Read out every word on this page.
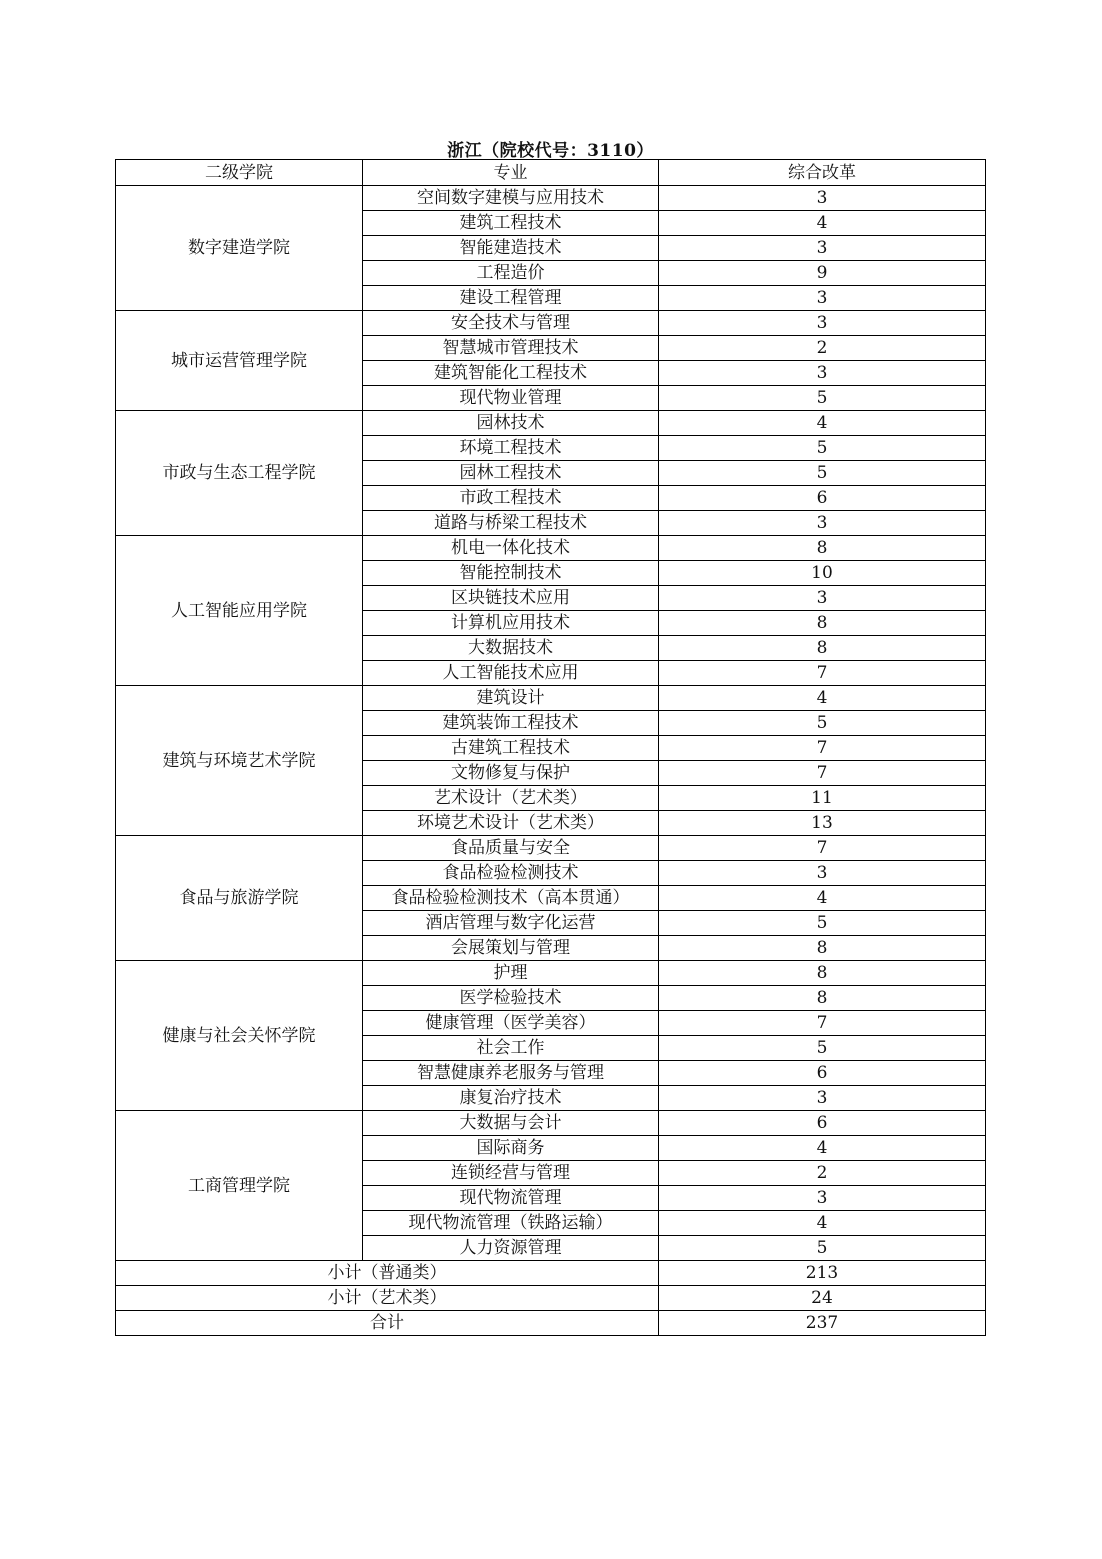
浙江（院校代号：3110）
二级学院	专业	综合改革
数字建造学院	空间数字建模与应用技术	3
	建筑工程技术	4
	智能建造技术	3
	工程造价	9
	建设工程管理	3
城市运营管理学院	安全技术与管理	3
	智慧城市管理技术	2
	建筑智能化工程技术	3
	现代物业管理	5
市政与生态工程学院	园林技术	4
	环境工程技术	5
	园林工程技术	5
	市政工程技术	6
	道路与桥梁工程技术	3
人工智能应用学院	机电一体化技术	8
	智能控制技术	10
	区块链技术应用	3
	计算机应用技术	8
	大数据技术	8
	人工智能技术应用	7
建筑与环境艺术学院	建筑设计	4
	建筑装饰工程技术	5
	古建筑工程技术	7
	文物修复与保护	7
	艺术设计（艺术类）	11
	环境艺术设计（艺术类）	13
食品与旅游学院	食品质量与安全	7
	食品检验检测技术	3
	食品检验检测技术（高本贯通）	4
	酒店管理与数字化运营	5
	会展策划与管理	8
健康与社会关怀学院	护理	8
	医学检验技术	8
	健康管理（医学美容）	7
	社会工作	5
	智慧健康养老服务与管理	6
	康复治疗技术	3
工商管理学院	大数据与会计	6
	国际商务	4
	连锁经营与管理	2
	现代物流管理	3
	现代物流管理（铁路运输）	4
	人力资源管理	5
小计（普通类）		213
小计（艺术类）		24
合计		237
